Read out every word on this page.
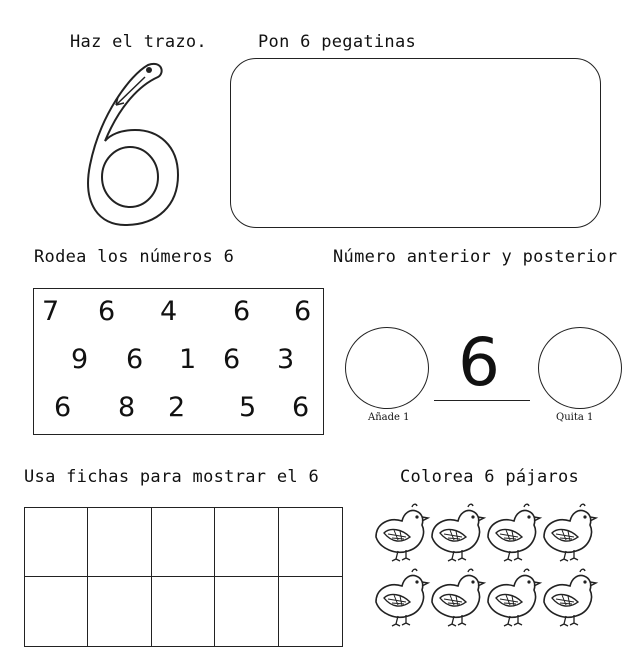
Haz el trazo.	Pon 6 pegatinas
Rodea los números 6
7 6 4 6 6
9 6 1 6 3
6 8 2 5 6
Número anterior y posterior
Añade 1
6
Quita 1
Usa fichas para mostrar el 6	Colorea 6 pájaros
